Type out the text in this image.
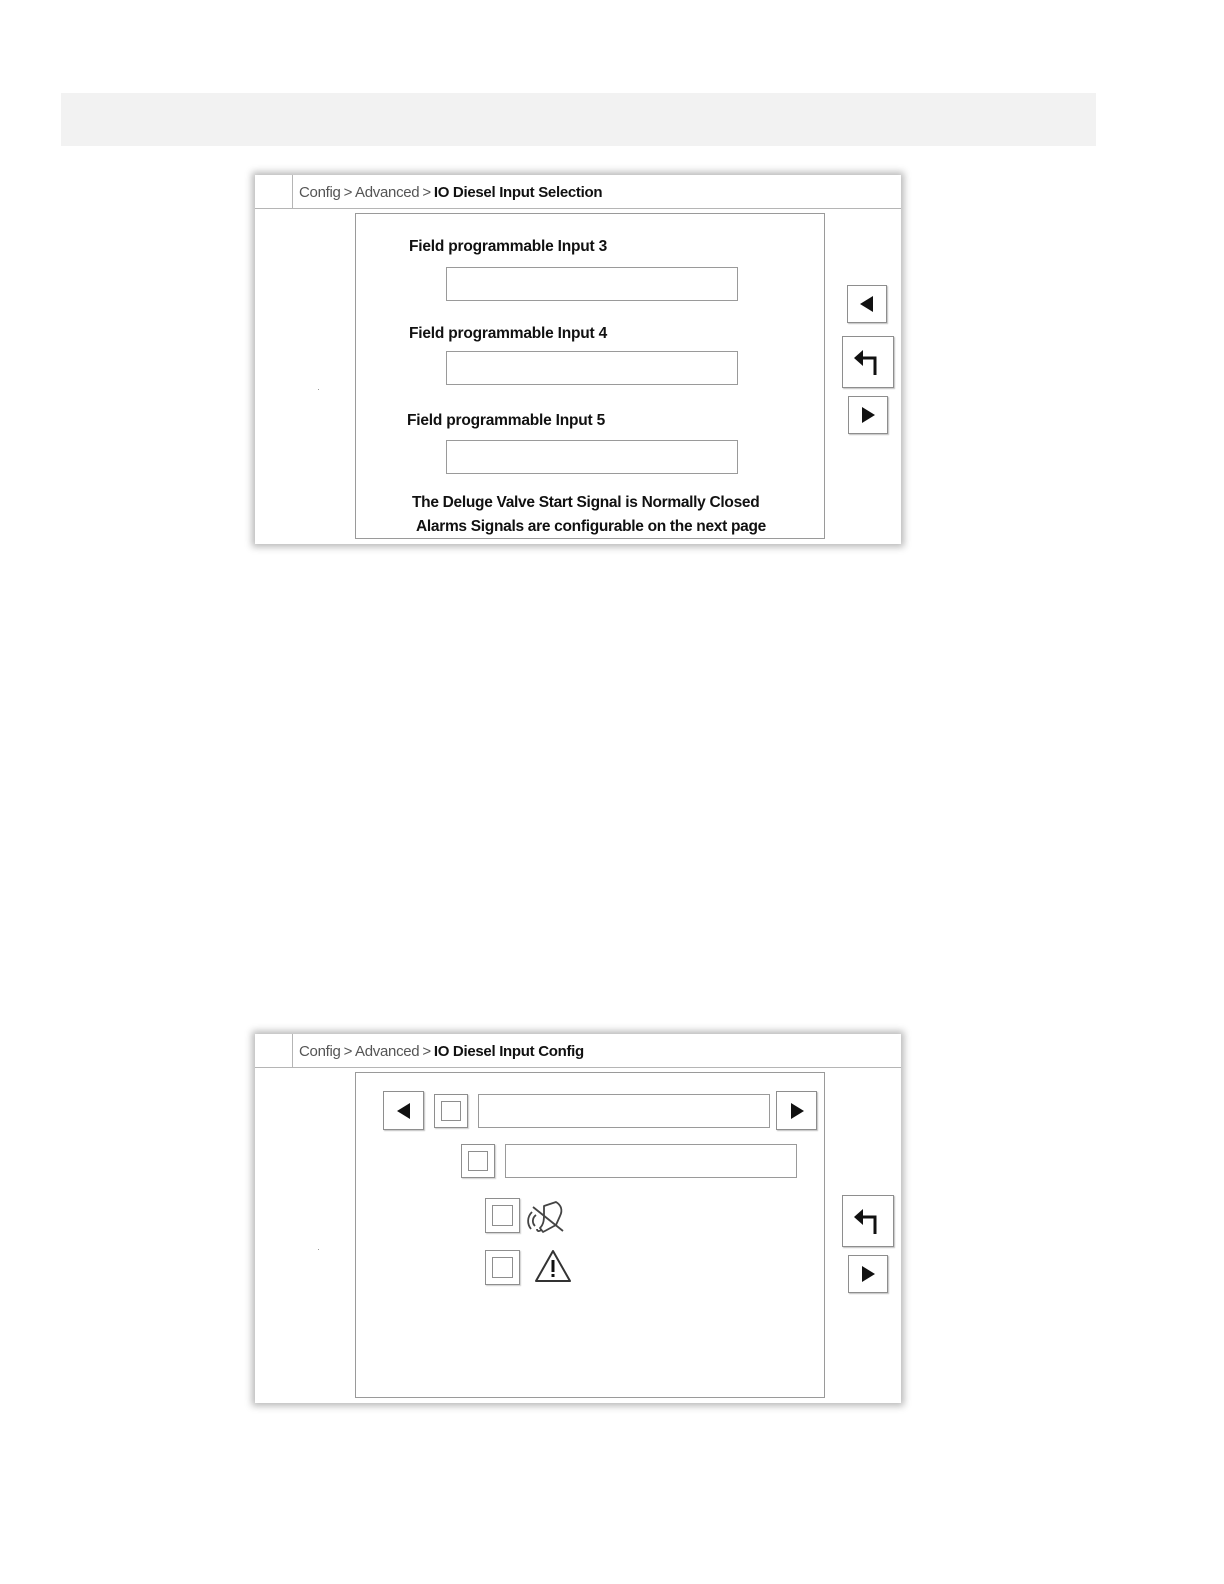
Config > Advanced > IO Diesel Input Selection
Field programmable Input 3
Field programmable Input 4
Field programmable Input 5
The Deluge Valve Start Signal is Normally Closed
Alarms Signals are configurable on the next page
Config > Advanced > IO Diesel Input Config
